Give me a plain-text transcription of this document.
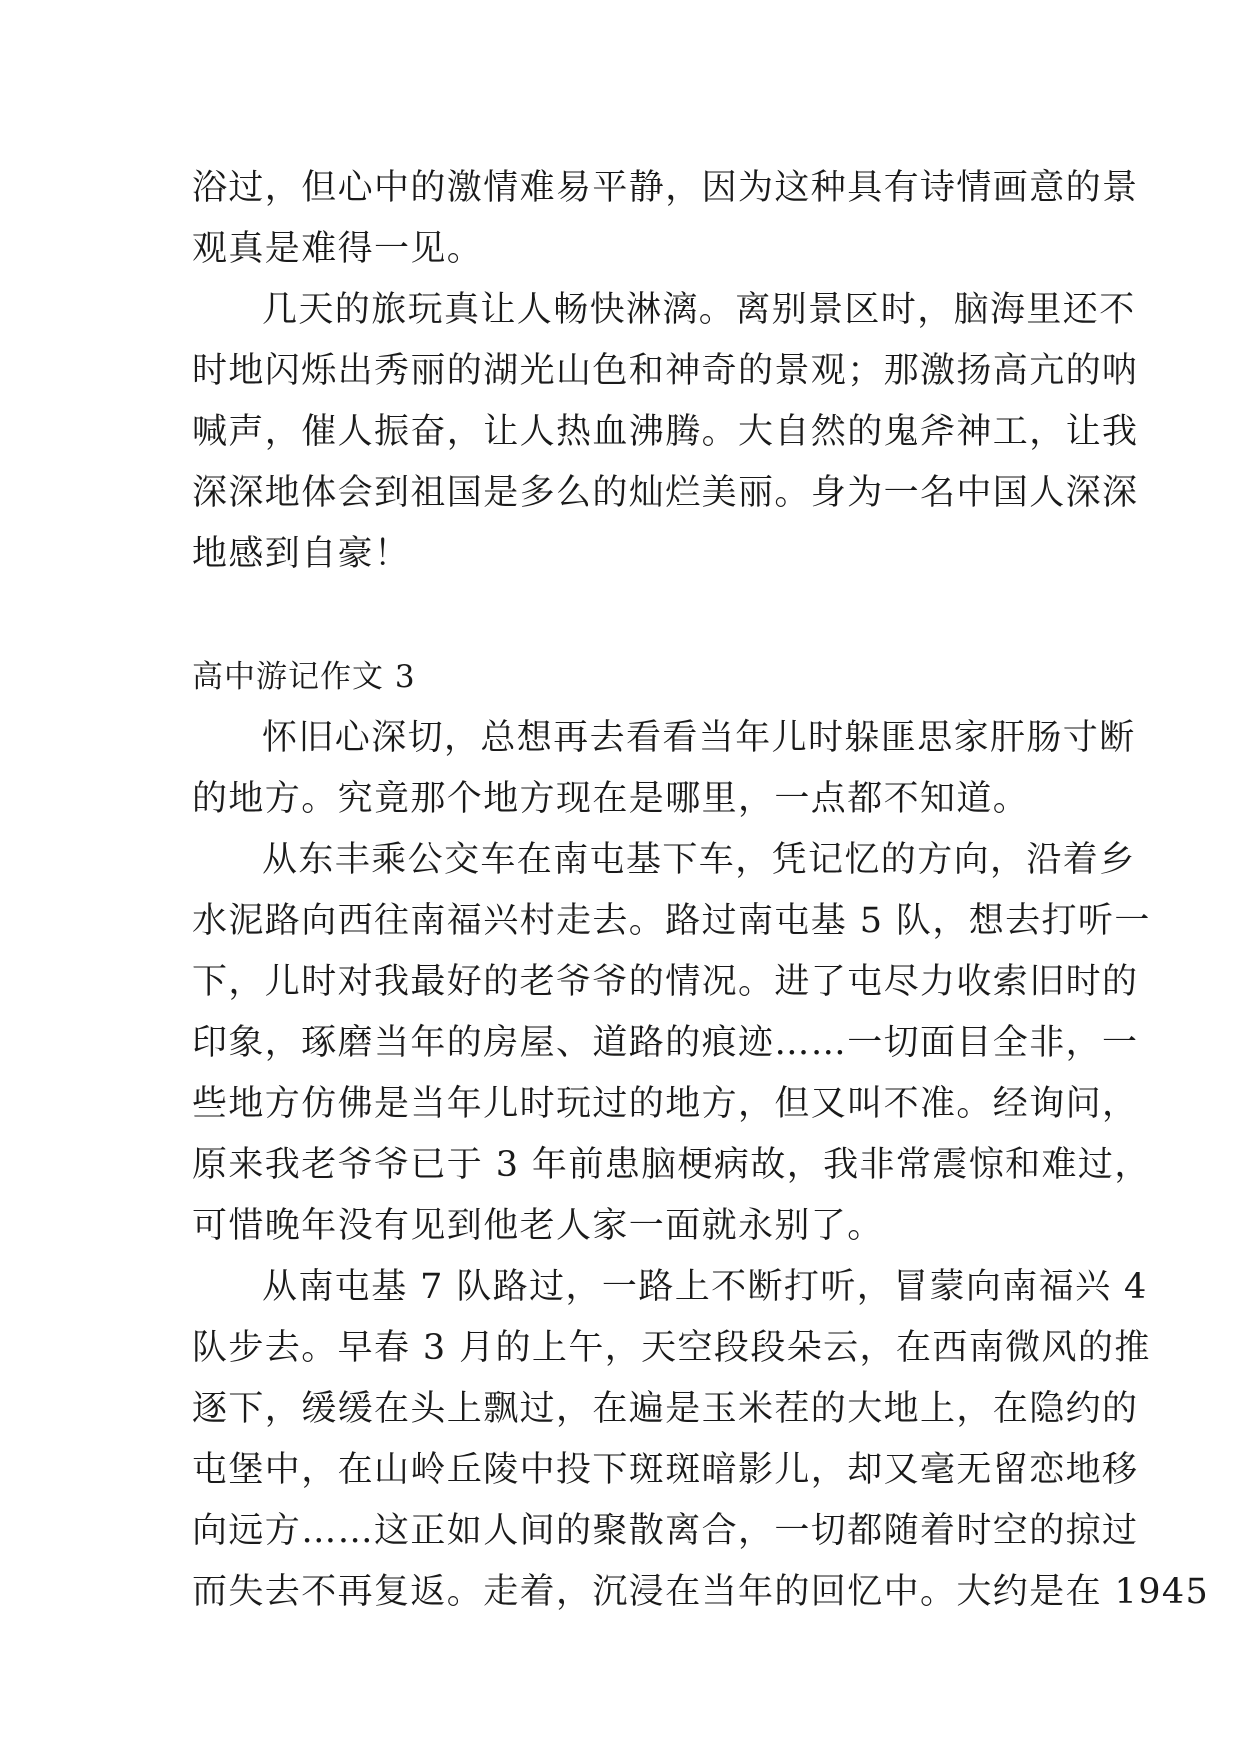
浴过，但心中的激情难易平静，因为这种具有诗情画意的景
观真是难得一见。
几天的旅玩真让人畅快淋漓。离别景区时，脑海里还不
时地闪烁出秀丽的湖光山色和神奇的景观；那激扬高亢的呐
喊声，催人振奋，让人热血沸腾。大自然的鬼斧神工，让我
深深地体会到祖国是多么的灿烂美丽。身为一名中国人深深
地感到自豪！
高中游记作文 3
怀旧心深切，总想再去看看当年儿时躲匪思家肝肠寸断
的地方。究竟那个地方现在是哪里，一点都不知道。
从东丰乘公交车在南屯基下车，凭记忆的方向，沿着乡
水泥路向西往南福兴村走去。路过南屯基 5 队，想去打听一
下，儿时对我最好的老爷爷的情况。进了屯尽力收索旧时的
印象，琢磨当年的房屋、道路的痕迹……一切面目全非，一
些地方仿佛是当年儿时玩过的地方，但又叫不准。经询问，
原来我老爷爷已于 3 年前患脑梗病故，我非常震惊和难过，
可惜晚年没有见到他老人家一面就永别了。
从南屯基 7 队路过，一路上不断打听，冒蒙向南福兴 4
队步去。早春 3 月的上午，天空段段朵云，在西南微风的推
逐下，缓缓在头上飘过，在遍是玉米茬的大地上，在隐约的
屯堡中，在山岭丘陵中投下斑斑暗影儿，却又毫无留恋地移
向远方……这正如人间的聚散离合，一切都随着时空的掠过
而失去不再复返。走着，沉浸在当年的回忆中。大约是在 1945
